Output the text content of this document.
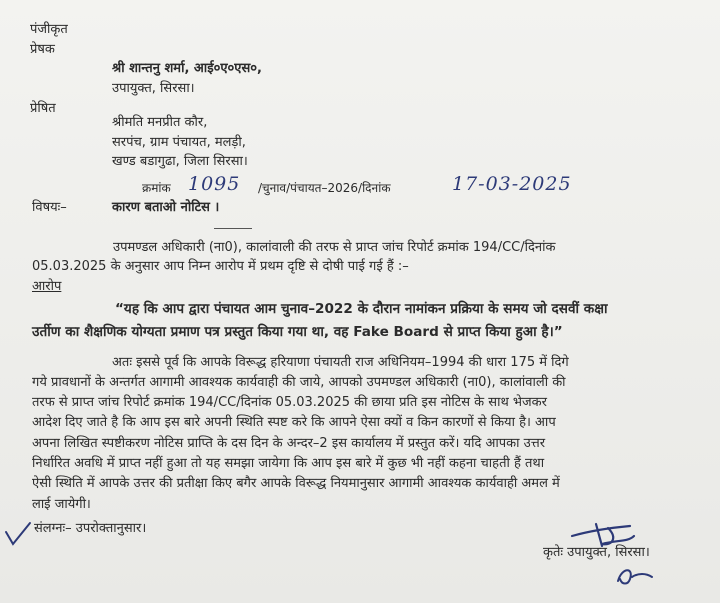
पंजीकृत
प्रेषक
श्री शान्तनु शर्मा, आई०ए०एस०,
उपायुक्त, सिरसा।
प्रेषित
श्रीमति मनप्रीत कौर,
सरपंच, ग्राम पंचायत, मलड़ी,
खण्ड बडागुढा, जिला सिरसा।
क्रमांक 1095 /चुनाव/पंचायत–2026/दिनांक	17-03-2025
विषयः–	कारण बताओ नोटिस ।
उपमण्डल अधिकारी (ना0), कालांवाली की तरफ से प्राप्त जांच रिपोर्ट क्रमांक 194/CC/दिनांक
05.03.2025 के अनुसार आप निम्न आरोप में प्रथम दृष्टि से दोषी पाई गई हैं :–
आरोप
“यह कि आप द्वारा पंचायत आम चुनाव–2022 के दौरान नामांकन प्रक्रिया के समय जो दसवीं कक्षा
उर्तीण का शैक्षणिक योग्यता प्रमाण पत्र प्रस्तुत किया गया था, वह Fake Board से प्राप्त किया हुआ है।”
अतः इससे पूर्व कि आपके विरूद्ध हरियाणा पंचायती राज अधिनियम–1994 की धारा 175 में दिगे
गये प्रावधानों के अन्तर्गत आगामी आवश्यक कार्यवाही की जाये, आपको उपमण्डल अधिकारी (ना0), कालांवाली की
तरफ से प्राप्त जांच रिपोर्ट क्रमांक 194/CC/दिनांक 05.03.2025 की छाया प्रति इस नोटिस के साथ भेजकर
आदेश दिए जाते है कि आप इस बारे अपनी स्थिति स्पष्ट करे कि आपने ऐसा क्यों व किन कारणों से किया है। आप
अपना लिखित स्पष्टीकरण नोटिस प्राप्ति के दस दिन के अन्दर–2 इस कार्यालय में प्रस्तुत करें। यदि आपका उत्तर
निर्धारित अवधि में प्राप्त नहीं हुआ तो यह समझा जायेगा कि आप इस बारे में कुछ भी नहीं कहना चाहती हैं तथा
ऐसी स्थिति में आपके उत्तर की प्रतीक्षा किए बगैर आपके विरूद्ध नियमानुसार आगामी आवश्यक कार्यवाही अमल में
लाई जायेगी।
संलग्नः– उपरोक्तानुसार।
कृतेः उपायुक्त, सिरसा।
